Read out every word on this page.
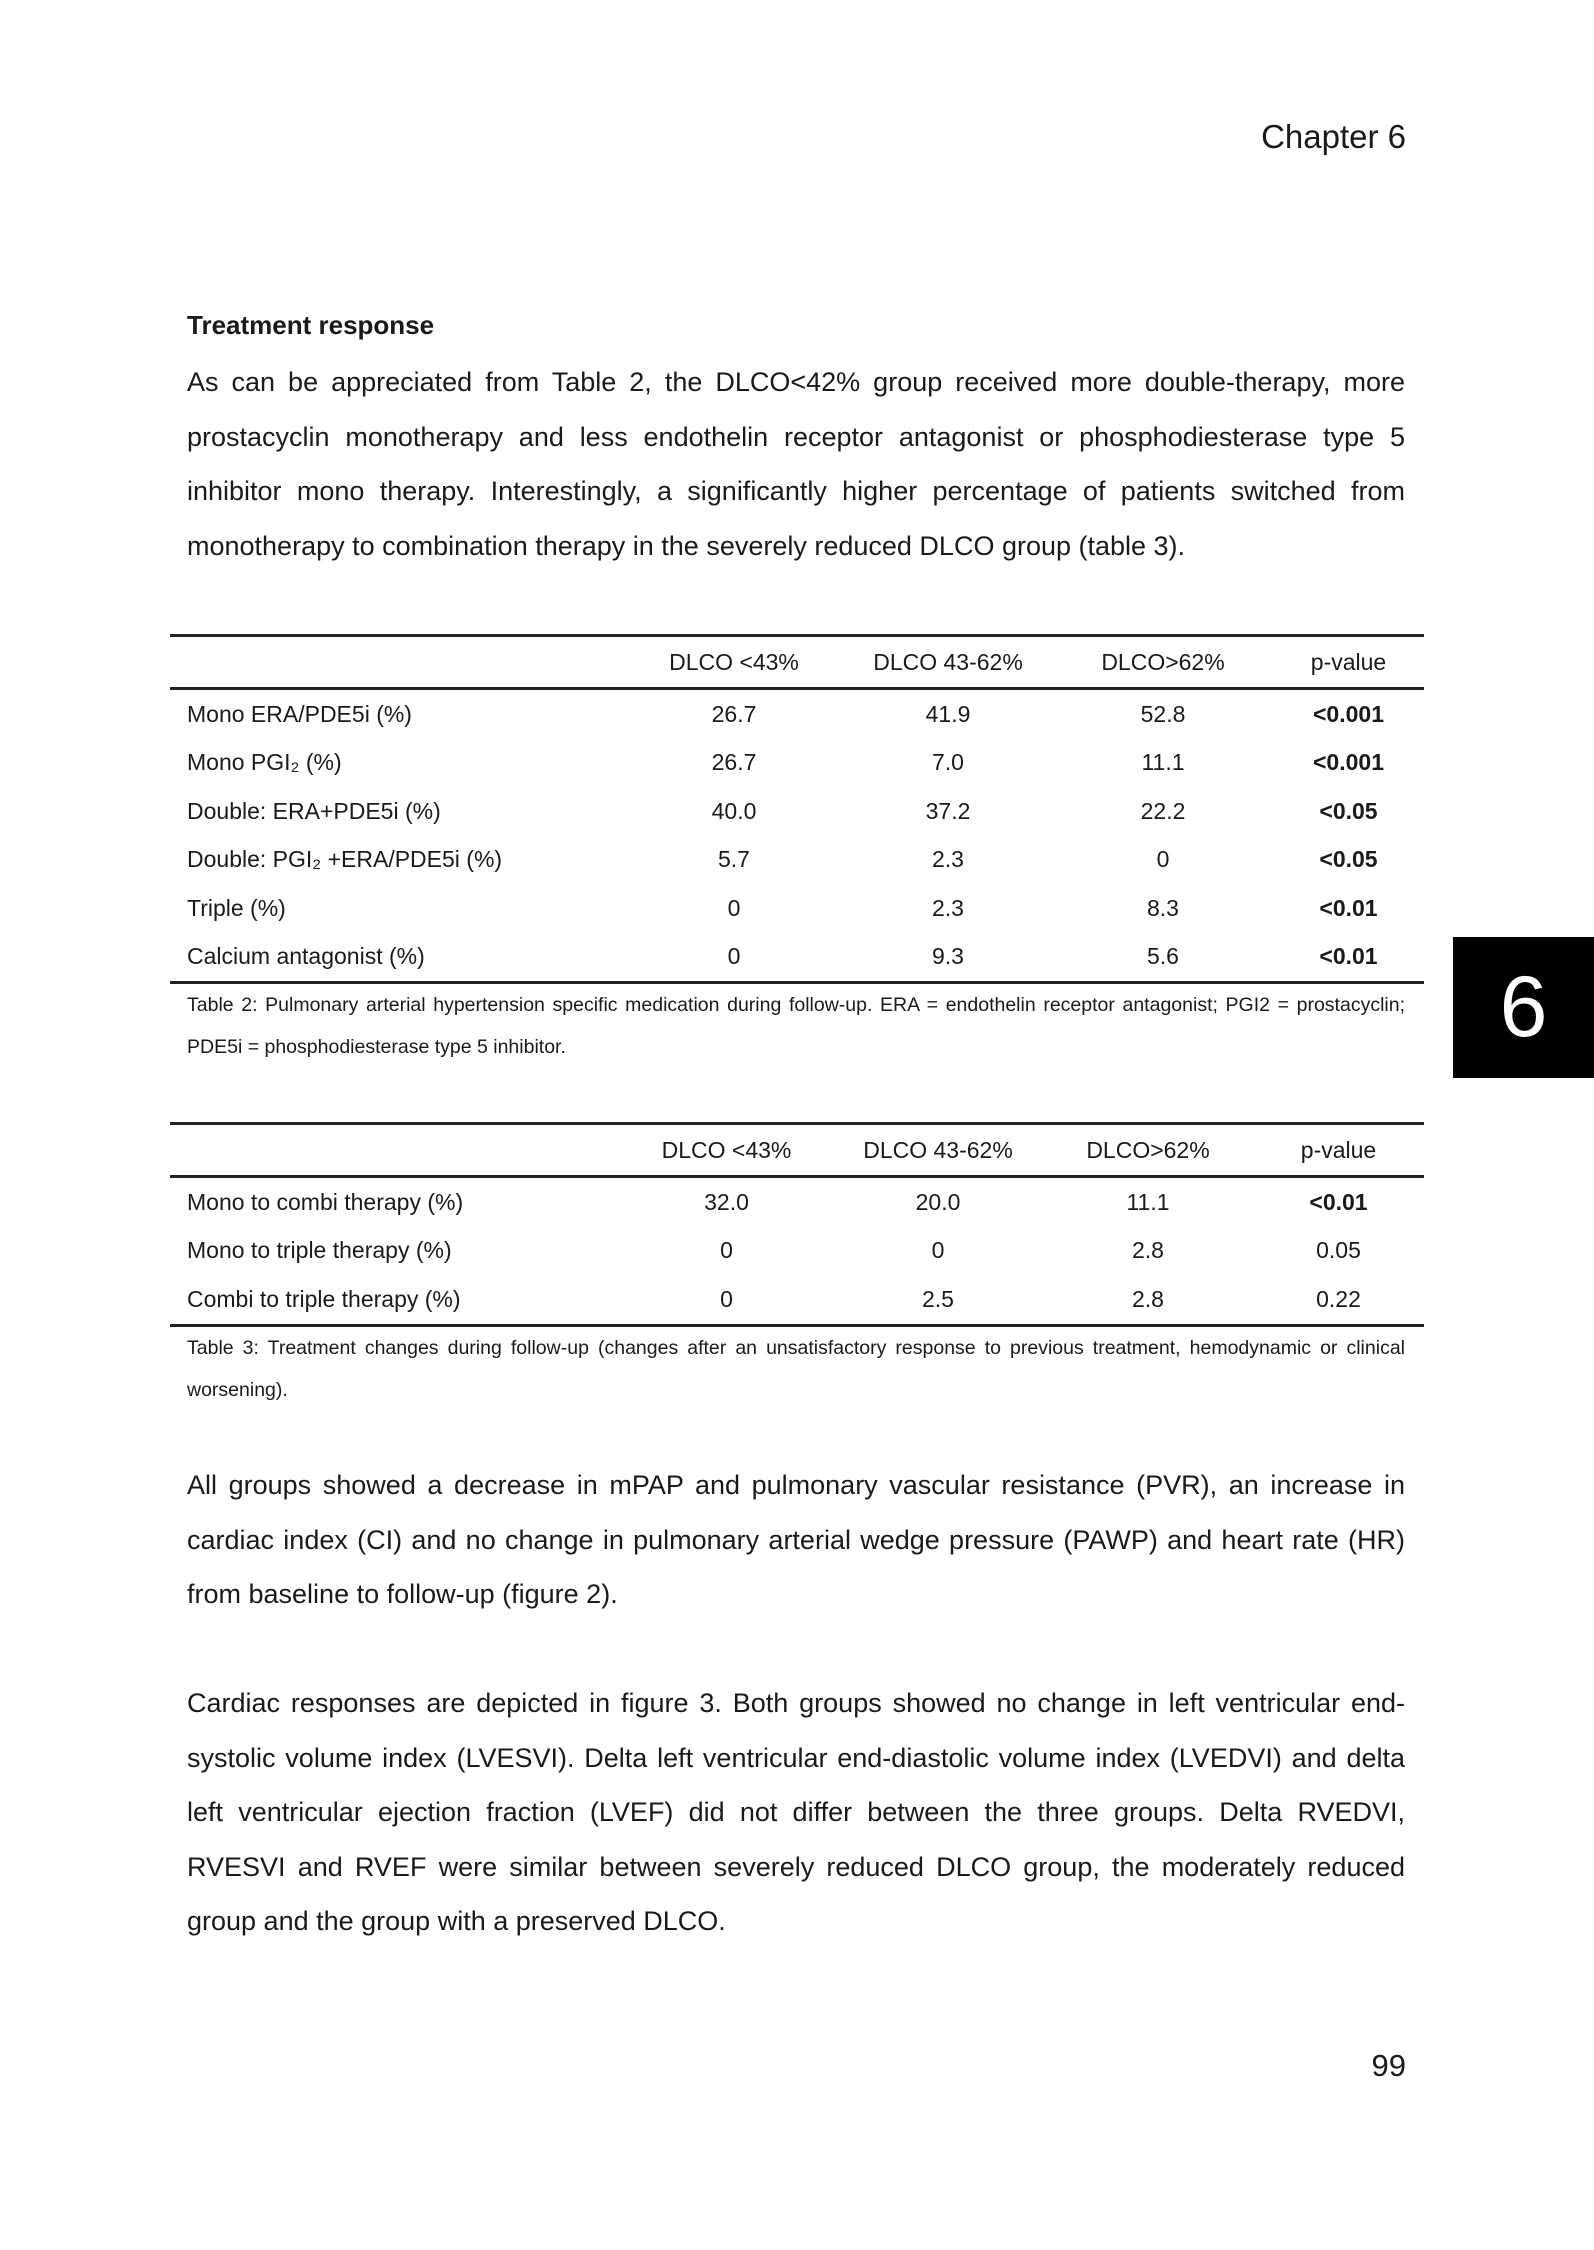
Chapter 6
6
Treatment response

As can be appreciated from Table 2, the DLCO<42% group received more double-therapy, more prostacyclin monotherapy and less endothelin receptor antagonist or phosphodiesterase type 5 inhibitor mono therapy. Interestingly, a significantly higher percentage of patients switched from monotherapy to combination therapy in the severely reduced DLCO group (table 3).

	DLCO <43%	DLCO 43-62%	DLCO>62%	p-value
Mono ERA/PDE5i (%)	26.7	41.9	52.8	<0.001
Mono PGI₂ (%)	26.7	7.0	11.1	<0.001
Double: ERA+PDE5i (%)	40.0	37.2	22.2	<0.05
Double: PGI₂ +ERA/PDE5i (%)	5.7	2.3	0	<0.05
Triple (%)	0	2.3	8.3	<0.01
Calcium antagonist (%)	0	9.3	5.6	<0.01

Table 2: Pulmonary arterial hypertension specific medication during follow-up. ERA = endothelin receptor antagonist; PGI2 = prostacyclin; PDE5i = phosphodiesterase type 5 inhibitor.

	DLCO <43%	DLCO 43-62%	DLCO>62%	p-value
Mono to combi therapy (%)	32.0	20.0	11.1	<0.01
Mono to triple therapy (%)	0	0	2.8	0.05
Combi to triple therapy (%)	0	2.5	2.8	0.22

Table 3: Treatment changes during follow-up (changes after an unsatisfactory response to previous treatment, hemodynamic or clinical worsening).

All groups showed a decrease in mPAP and pulmonary vascular resistance (PVR), an increase in cardiac index (CI) and no change in pulmonary arterial wedge pressure (PAWP) and heart rate (HR) from baseline to follow-up (figure 2).

Cardiac responses are depicted in figure 3. Both groups showed no change in left ventricular end-systolic volume index (LVESVI). Delta left ventricular end-diastolic volume index (LVEDVI) and delta left ventricular ejection fraction (LVEF) did not differ between the three groups. Delta RVEDVI, RVESVI and RVEF were similar between severely reduced DLCO group, the moderately reduced group and the group with a preserved DLCO.

99
